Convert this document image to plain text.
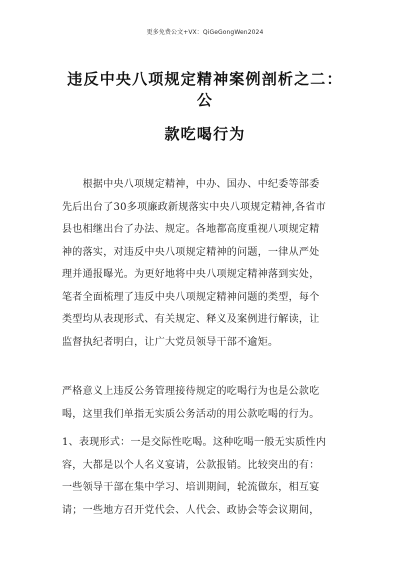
更多免费公文+VX：QiGeGongWen2024
违反中央八项规定精神案例剖析之二：公
款吃喝行为
　　根据中央八项规定精神，中办、国办、中纪委等部委
先后出台了30多项廉政新规落实中央八项规定精神,各省市
县也相继出台了办法、规定。各地都高度重视八项规定精
神的落实，对违反中央八项规定精神的问题，一律从严处
理并通报曝光。为更好地将中央八项规定精神落到实处，
笔者全面梳理了违反中央八项规定精神问题的类型，每个
类型均从表现形式、有关规定、释义及案例进行解读，让
监督执纪者明白，让广大党员领导干部不逾矩。
严格意义上违反公务管理接待规定的吃喝行为也是公款吃
喝，这里我们单指无实质公务活动的用公款吃喝的行为。
1、表现形式：一是交际性吃喝。这种吃喝一般无实质性内
容，大都是以个人名义宴请，公款报销。比较突出的有：
一些领导干部在集中学习、培训期间，轮流做东，相互宴
请；一些地方召开党代会、人代会、政协会等会议期间，
